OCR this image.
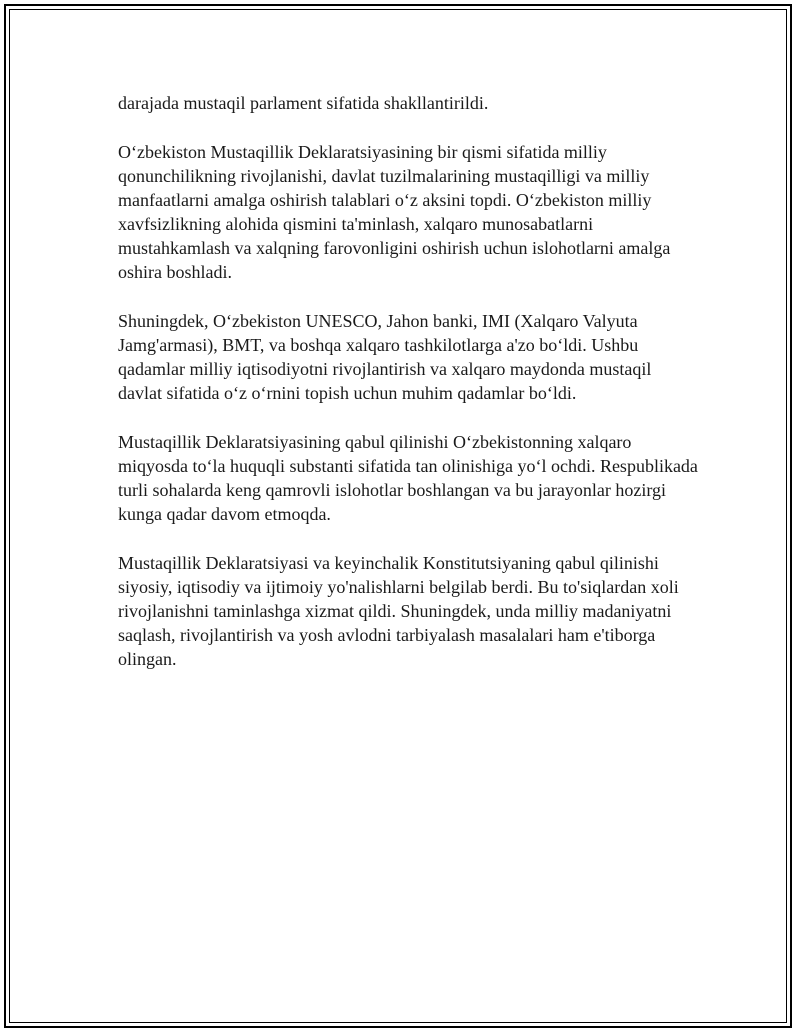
darajada mustaqil parlament sifatida shakllantirildi.

O‘zbekiston Mustaqillik Deklaratsiyasining bir qismi sifatida milliy qonunchilikning rivojlanishi, davlat tuzilmalarining mustaqilligi va milliy manfaatlarni amalga oshirish talablari o‘z aksini topdi. O‘zbekiston milliy xavfsizlikning alohida qismini ta'minlash, xalqaro munosabatlarni mustahkamlash va xalqning farovonligini oshirish uchun islohotlarni amalga oshira boshladi.

Shuningdek, O‘zbekiston UNESCO, Jahon banki, IMI (Xalqaro Valyuta Jamg'armasi), BMT, va boshqa xalqaro tashkilotlarga a'zo bo‘ldi. Ushbu qadamlar milliy iqtisodiyotni rivojlantirish va xalqaro maydonda mustaqil davlat sifatida o‘z o‘rnini topish uchun muhim qadamlar bo‘ldi.

Mustaqillik Deklaratsiyasining qabul qilinishi O‘zbekistonning xalqaro miqyosda to‘la huquqli substanti sifatida tan olinishiga yo‘l ochdi. Respublikada turli sohalarda keng qamrovli islohotlar boshlangan va bu jarayonlar hozirgi kunga qadar davom etmoqda.

Mustaqillik Deklaratsiyasi va keyinchalik Konstitutsiyaning qabul qilinishi siyosiy, iqtisodiy va ijtimoiy yo'nalishlarni belgilab berdi. Bu to'siqlardan xoli rivojlanishni taminlashga xizmat qildi. Shuningdek, unda milliy madaniyatni saqlash, rivojlantirish va yosh avlodni tarbiyalash masalalari ham e'tiborga olingan.
